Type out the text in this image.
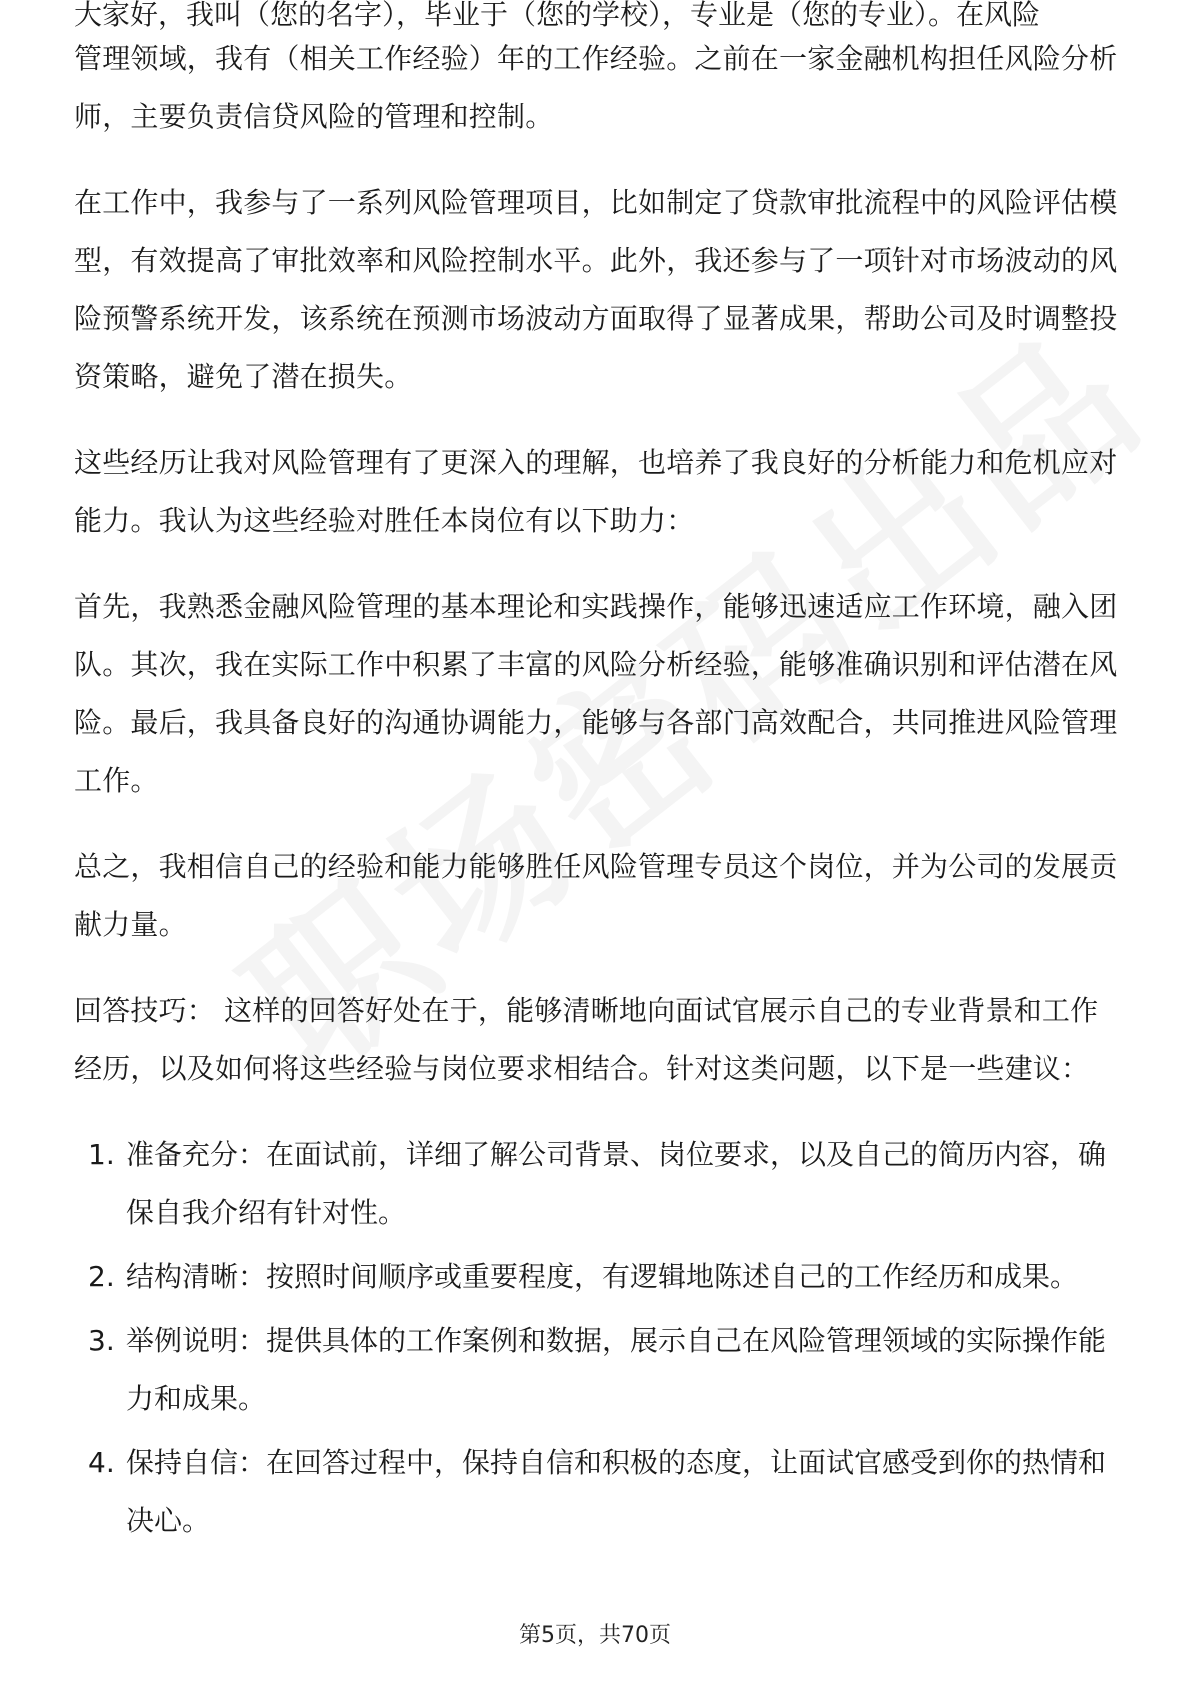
大家好，我叫（您的名字），毕业于（您的学校），专业是（您的专业）。在风险

管理领域，我有（相关工作经验）年的工作经验。之前在一家金融机构担任风险分析师，主要负责信贷风险的管理和控制。

在工作中，我参与了一系列风险管理项目，比如制定了贷款审批流程中的风险评估模型，有效提高了审批效率和风险控制水平。此外，我还参与了一项针对市场波动的风险预警系统开发，该系统在预测市场波动方面取得了显著成果，帮助公司及时调整投资策略，避免了潜在损失。

这些经历让我对风险管理有了更深入的理解，也培养了我良好的分析能力和危机应对能力。我认为这些经验对胜任本岗位有以下助力：

首先，我熟悉金融风险管理的基本理论和实践操作，能够迅速适应工作环境，融入团队。其次，我在实际工作中积累了丰富的风险分析经验，能够准确识别和评估潜在风险。最后，我具备良好的沟通协调能力，能够与各部门高效配合，共同推进风险管理工作。

总之，我相信自己的经验和能力能够胜任风险管理专员这个岗位，并为公司的发展贡献力量。

回答技巧： 这样的回答好处在于，能够清晰地向面试官展示自己的专业背景和工作经历，以及如何将这些经验与岗位要求相结合。针对这类问题，以下是一些建议：

1. 准备充分：在面试前，详细了解公司背景、岗位要求，以及自己的简历内容，确保自我介绍有针对性。
2. 结构清晰：按照时间顺序或重要程度，有逻辑地陈述自己的工作经历和成果。
3. 举例说明：提供具体的工作案例和数据，展示自己在风险管理领域的实际操作能力和成果。
4. 保持自信：在回答过程中，保持自信和积极的态度，让面试官感受到你的热情和决心。
第5页，共70页
